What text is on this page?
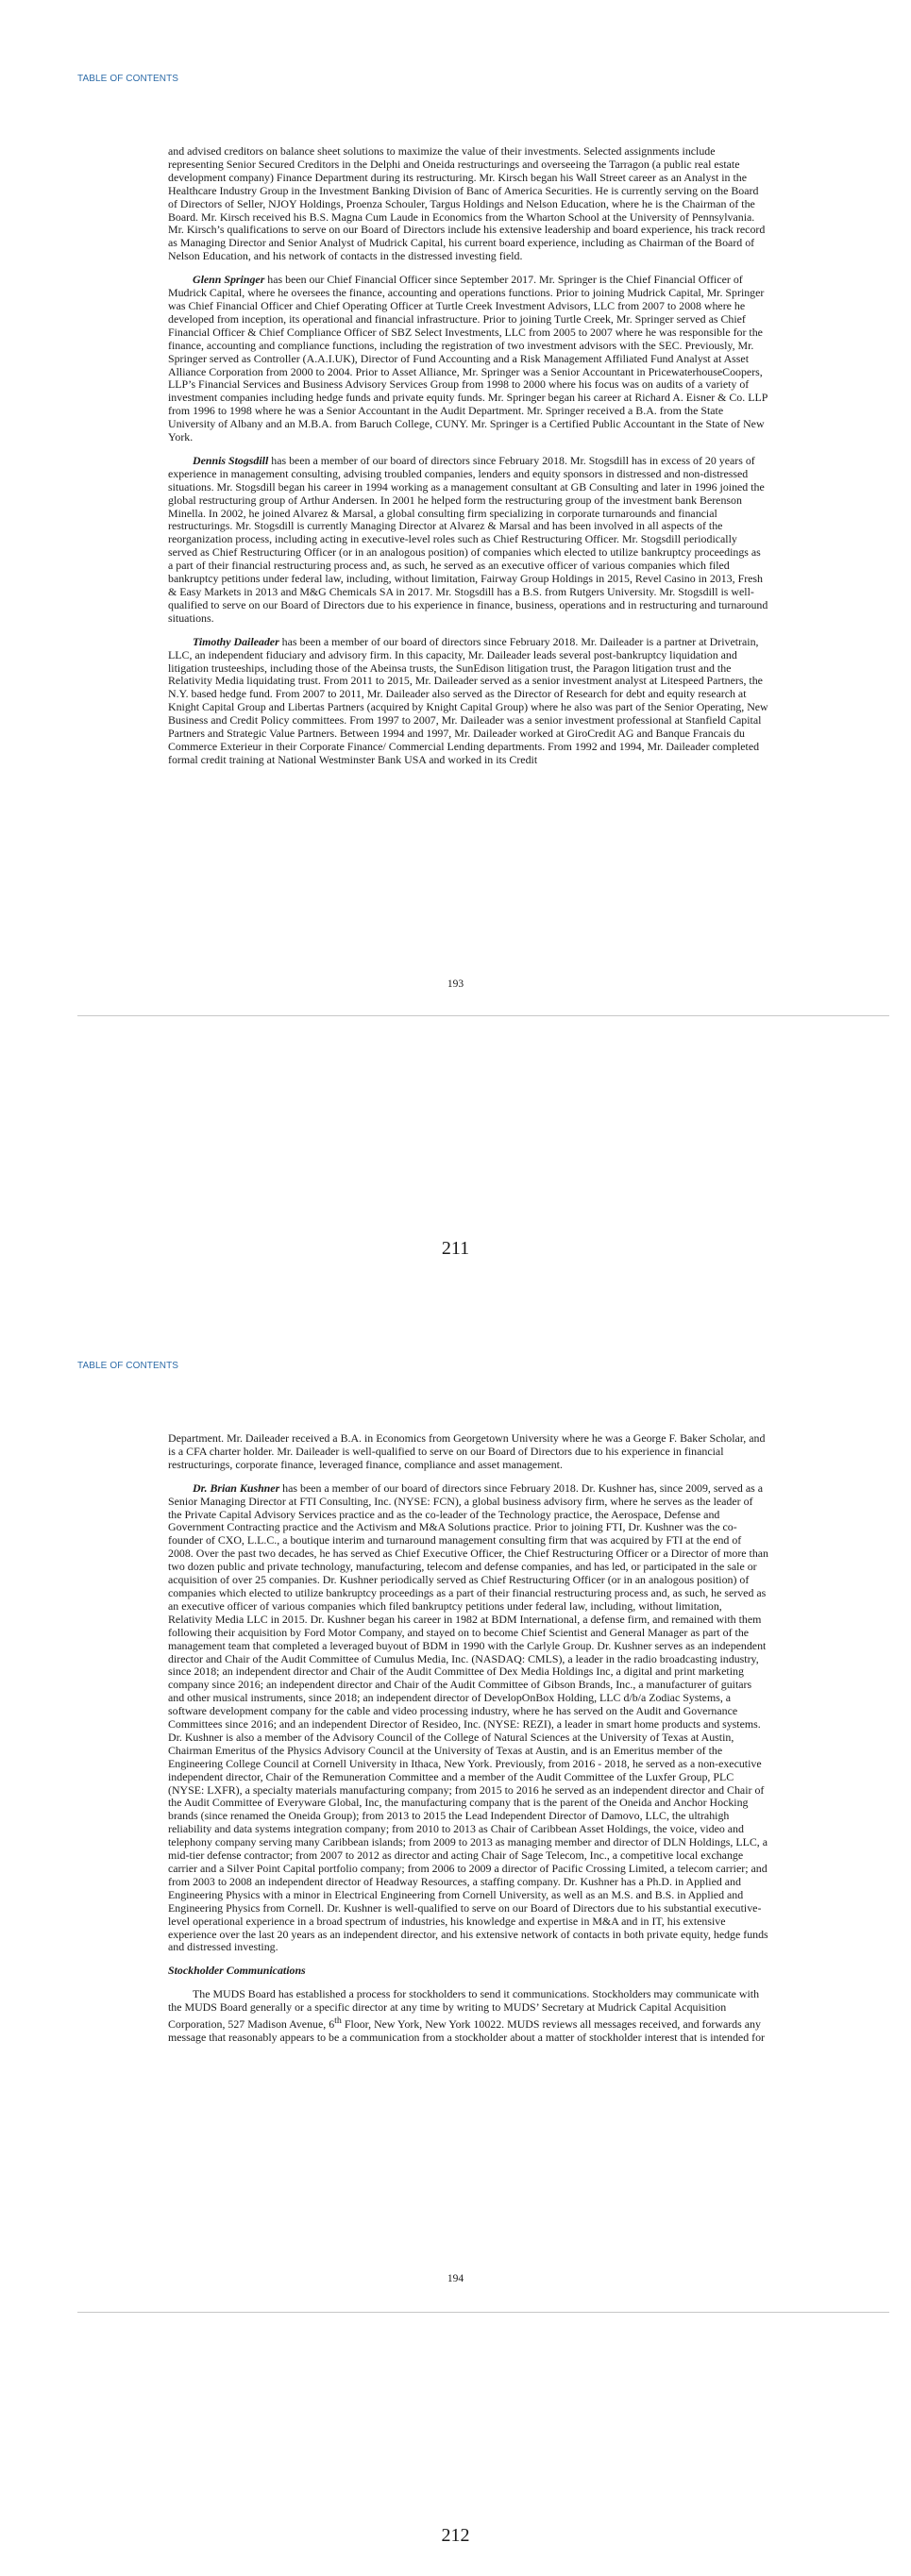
TABLE OF CONTENTS

and advised creditors on balance sheet solutions to maximize the value of their investments. Selected assignments include representing Senior Secured Creditors in the Delphi and Oneida restructurings and overseeing the Tarragon (a public real estate development company) Finance Department during its restructuring. Mr. Kirsch began his Wall Street career as an Analyst in the Healthcare Industry Group in the Investment Banking Division of Banc of America Securities. He is currently serving on the Board of Directors of Seller, NJOY Holdings, Proenza Schouler, Targus Holdings and Nelson Education, where he is the Chairman of the Board. Mr. Kirsch received his B.S. Magna Cum Laude in Economics from the Wharton School at the University of Pennsylvania. Mr. Kirsch’s qualifications to serve on our Board of Directors include his extensive leadership and board experience, his track record as Managing Director and Senior Analyst of Mudrick Capital, his current board experience, including as Chairman of the Board of Nelson Education, and his network of contacts in the distressed investing field.

Glenn Springer has been our Chief Financial Officer since September 2017. Mr. Springer is the Chief Financial Officer of Mudrick Capital, where he oversees the finance, accounting and operations functions. Prior to joining Mudrick Capital, Mr. Springer was Chief Financial Officer and Chief Operating Officer at Turtle Creek Investment Advisors, LLC from 2007 to 2008 where he developed from inception, its operational and financial infrastructure. Prior to joining Turtle Creek, Mr. Springer served as Chief Financial Officer & Chief Compliance Officer of SBZ Select Investments, LLC from 2005 to 2007 where he was responsible for the finance, accounting and compliance functions, including the registration of two investment advisors with the SEC. Previously, Mr. Springer served as Controller (A.A.I.UK), Director of Fund Accounting and a Risk Management Affiliated Fund Analyst at Asset Alliance Corporation from 2000 to 2004. Prior to Asset Alliance, Mr. Springer was a Senior Accountant in PricewaterhouseCoopers, LLP’s Financial Services and Business Advisory Services Group from 1998 to 2000 where his focus was on audits of a variety of investment companies including hedge funds and private equity funds. Mr. Springer began his career at Richard A. Eisner & Co. LLP from 1996 to 1998 where he was a Senior Accountant in the Audit Department. Mr. Springer received a B.A. from the State University of Albany and an M.B.A. from Baruch College, CUNY. Mr. Springer is a Certified Public Accountant in the State of New York.

Dennis Stogsdill has been a member of our board of directors since February 2018. Mr. Stogsdill has in excess of 20 years of experience in management consulting, advising troubled companies, lenders and equity sponsors in distressed and non-distressed situations. Mr. Stogsdill began his career in 1994 working as a management consultant at GB Consulting and later in 1996 joined the global restructuring group of Arthur Andersen. In 2001 he helped form the restructuring group of the investment bank Berenson Minella. In 2002, he joined Alvarez & Marsal, a global consulting firm specializing in corporate turnarounds and financial restructurings. Mr. Stogsdill is currently Managing Director at Alvarez & Marsal and has been involved in all aspects of the reorganization process, including acting in executive-level roles such as Chief Restructuring Officer. Mr. Stogsdill periodically served as Chief Restructuring Officer (or in an analogous position) of companies which elected to utilize bankruptcy proceedings as a part of their financial restructuring process and, as such, he served as an executive officer of various companies which filed bankruptcy petitions under federal law, including, without limitation, Fairway Group Holdings in 2015, Revel Casino in 2013, Fresh & Easy Markets in 2013 and M&G Chemicals SA in 2017. Mr. Stogsdill has a B.S. from Rutgers University. Mr. Stogsdill is well-qualified to serve on our Board of Directors due to his experience in finance, business, operations and in restructuring and turnaround situations.

Timothy Daileader has been a member of our board of directors since February 2018. Mr. Daileader is a partner at Drivetrain, LLC, an independent fiduciary and advisory firm. In this capacity, Mr. Daileader leads several post-bankruptcy liquidation and litigation trusteeships, including those of the Abeinsa trusts, the SunEdison litigation trust, the Paragon litigation trust and the Relativity Media liquidating trust. From 2011 to 2015, Mr. Daileader served as a senior investment analyst at Litespeed Partners, the N.Y. based hedge fund. From 2007 to 2011, Mr. Daileader also served as the Director of Research for debt and equity research at Knight Capital Group and Libertas Partners (acquired by Knight Capital Group) where he also was part of the Senior Operating, New Business and Credit Policy committees. From 1997 to 2007, Mr. Daileader was a senior investment professional at Stanfield Capital Partners and Strategic Value Partners. Between 1994 and 1997, Mr. Daileader worked at GiroCredit AG and Banque Francais du Commerce Exterieur in their Corporate Finance/ Commercial Lending departments. From 1992 and 1994, Mr. Daileader completed formal credit training at National Westminster Bank USA and worked in its Credit

193
211
TABLE OF CONTENTS

Department. Mr. Daileader received a B.A. in Economics from Georgetown University where he was a George F. Baker Scholar, and is a CFA charter holder. Mr. Daileader is well-qualified to serve on our Board of Directors due to his experience in financial restructurings, corporate finance, leveraged finance, compliance and asset management.

Dr. Brian Kushner has been a member of our board of directors since February 2018. Dr. Kushner has, since 2009, served as a Senior Managing Director at FTI Consulting, Inc. (NYSE: FCN), a global business advisory firm, where he serves as the leader of the Private Capital Advisory Services practice and as the co-leader of the Technology practice, the Aerospace, Defense and Government Contracting practice and the Activism and M&A Solutions practice. Prior to joining FTI, Dr. Kushner was the co-founder of CXO, L.L.C., a boutique interim and turnaround management consulting firm that was acquired by FTI at the end of 2008. Over the past two decades, he has served as Chief Executive Officer, the Chief Restructuring Officer or a Director of more than two dozen public and private technology, manufacturing, telecom and defense companies, and has led, or participated in the sale or acquisition of over 25 companies. Dr. Kushner periodically served as Chief Restructuring Officer (or in an analogous position) of companies which elected to utilize bankruptcy proceedings as a part of their financial restructuring process and, as such, he served as an executive officer of various companies which filed bankruptcy petitions under federal law, including, without limitation, Relativity Media LLC in 2015. Dr. Kushner began his career in 1982 at BDM International, a defense firm, and remained with them following their acquisition by Ford Motor Company, and stayed on to become Chief Scientist and General Manager as part of the management team that completed a leveraged buyout of BDM in 1990 with the Carlyle Group. Dr. Kushner serves as an independent director and Chair of the Audit Committee of Cumulus Media, Inc. (NASDAQ: CMLS), a leader in the radio broadcasting industry, since 2018; an independent director and Chair of the Audit Committee of Dex Media Holdings Inc, a digital and print marketing company since 2016; an independent director and Chair of the Audit Committee of Gibson Brands, Inc., a manufacturer of guitars and other musical instruments, since 2018; an independent director of DevelopOnBox Holding, LLC d/b/a Zodiac Systems, a software development company for the cable and video processing industry, where he has served on the Audit and Governance Committees since 2016; and an independent Director of Resideo, Inc. (NYSE: REZI), a leader in smart home products and systems. Dr. Kushner is also a member of the Advisory Council of the College of Natural Sciences at the University of Texas at Austin, Chairman Emeritus of the Physics Advisory Council at the University of Texas at Austin, and is an Emeritus member of the Engineering College Council at Cornell University in Ithaca, New York. Previously, from 2016 - 2018, he served as a non-executive independent director, Chair of the Remuneration Committee and a member of the Audit Committee of the Luxfer Group, PLC (NYSE: LXFR), a specialty materials manufacturing company; from 2015 to 2016 he served as an independent director and Chair of the Audit Committee of Everyware Global, Inc, the manufacturing company that is the parent of the Oneida and Anchor Hocking brands (since renamed the Oneida Group); from 2013 to 2015 the Lead Independent Director of Damovo, LLC, the ultrahigh reliability and data systems integration company; from 2010 to 2013 as Chair of Caribbean Asset Holdings, the voice, video and telephony company serving many Caribbean islands; from 2009 to 2013 as managing member and director of DLN Holdings, LLC, a mid-tier defense contractor; from 2007 to 2012 as director and acting Chair of Sage Telecom, Inc., a competitive local exchange carrier and a Silver Point Capital portfolio company; from 2006 to 2009 a director of Pacific Crossing Limited, a telecom carrier; and from 2003 to 2008 an independent director of Headway Resources, a staffing company. Dr. Kushner has a Ph.D. in Applied and Engineering Physics with a minor in Electrical Engineering from Cornell University, as well as an M.S. and B.S. in Applied and Engineering Physics from Cornell. Dr. Kushner is well-qualified to serve on our Board of Directors due to his substantial executive-level operational experience in a broad spectrum of industries, his knowledge and expertise in M&A and in IT, his extensive experience over the last 20 years as an independent director, and his extensive network of contacts in both private equity, hedge funds and distressed investing.

Stockholder Communications

The MUDS Board has established a process for stockholders to send it communications. Stockholders may communicate with the MUDS Board generally or a specific director at any time by writing to MUDS’ Secretary at Mudrick Capital Acquisition Corporation, 527 Madison Avenue, 6th Floor, New York, New York 10022. MUDS reviews all messages received, and forwards any message that reasonably appears to be a communication from a stockholder about a matter of stockholder interest that is intended for

194
212
